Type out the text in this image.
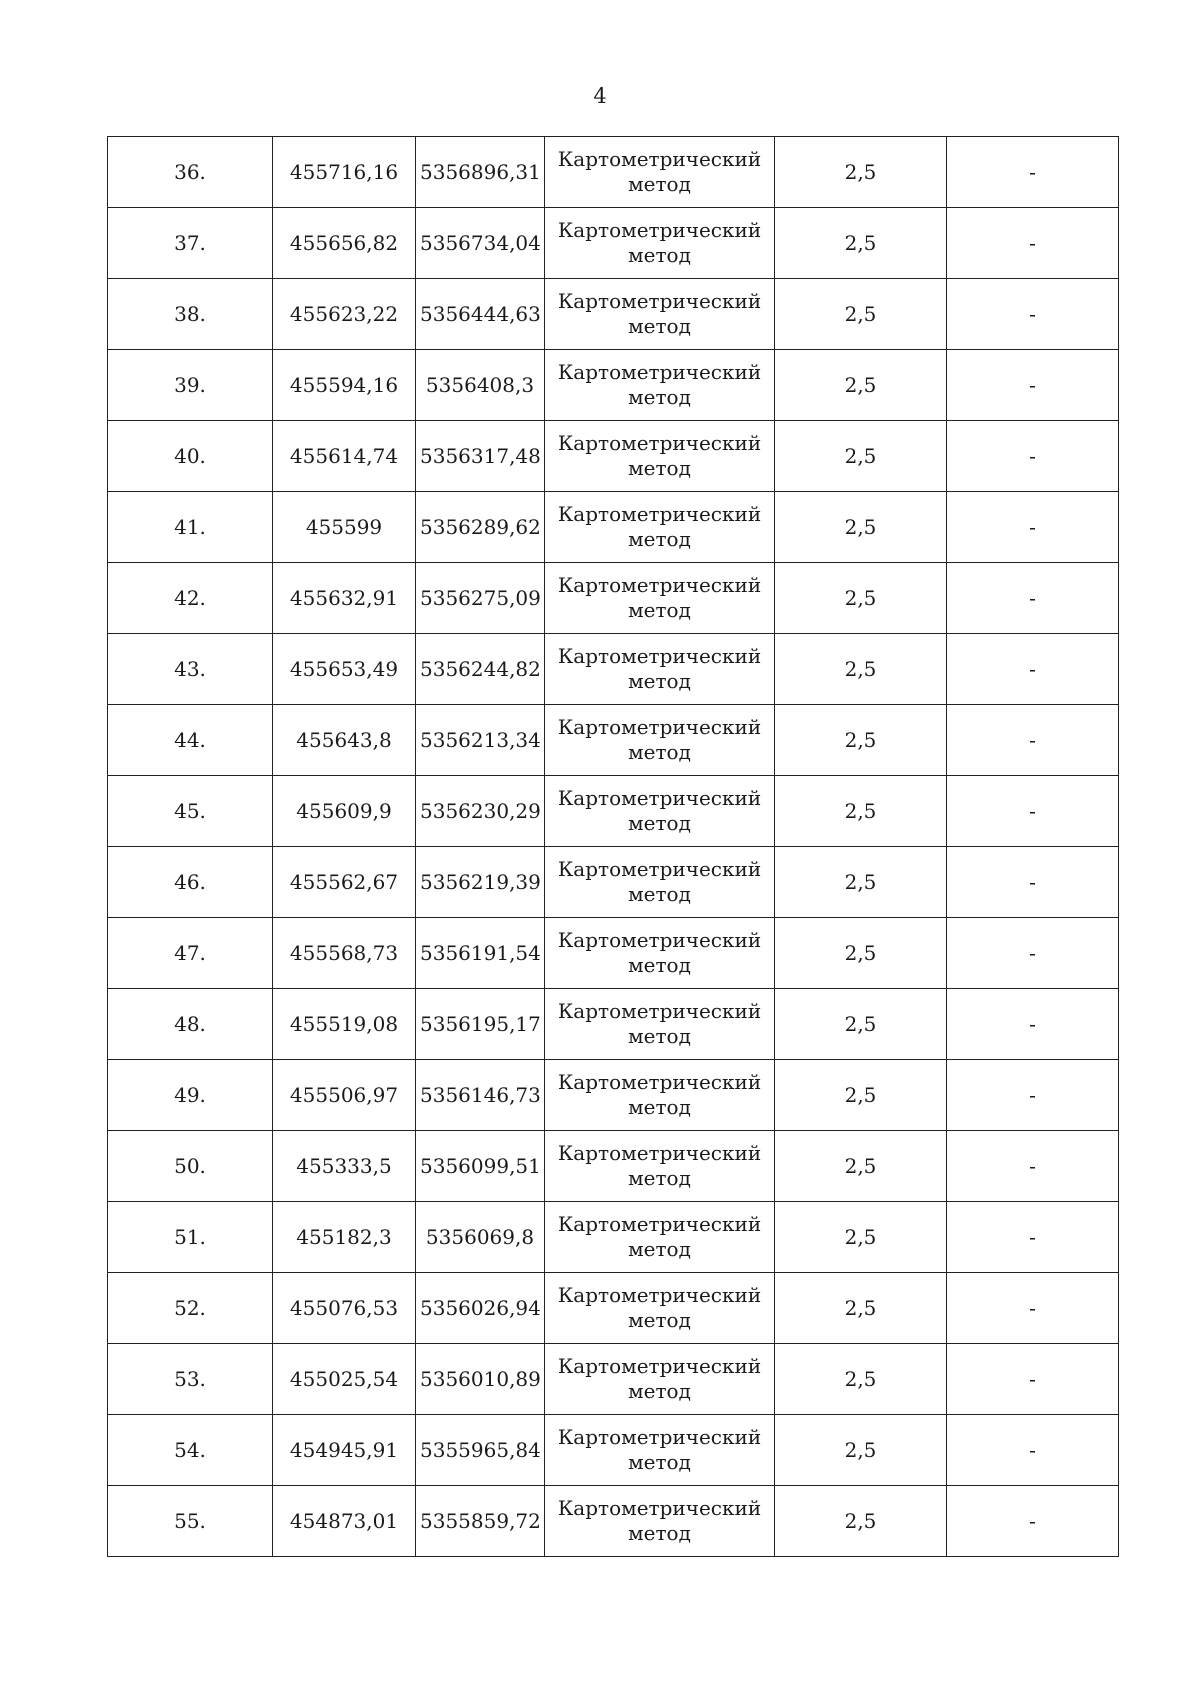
4
36.	455716,16	5356896,31	Картометрический метод	2,5	-
37.	455656,82	5356734,04	Картометрический метод	2,5	-
38.	455623,22	5356444,63	Картометрический метод	2,5	-
39.	455594,16	5356408,3	Картометрический метод	2,5	-
40.	455614,74	5356317,48	Картометрический метод	2,5	-
41.	455599	5356289,62	Картометрический метод	2,5	-
42.	455632,91	5356275,09	Картометрический метод	2,5	-
43.	455653,49	5356244,82	Картометрический метод	2,5	-
44.	455643,8	5356213,34	Картометрический метод	2,5	-
45.	455609,9	5356230,29	Картометрический метод	2,5	-
46.	455562,67	5356219,39	Картометрический метод	2,5	-
47.	455568,73	5356191,54	Картометрический метод	2,5	-
48.	455519,08	5356195,17	Картометрический метод	2,5	-
49.	455506,97	5356146,73	Картометрический метод	2,5	-
50.	455333,5	5356099,51	Картометрический метод	2,5	-
51.	455182,3	5356069,8	Картометрический метод	2,5	-
52.	455076,53	5356026,94	Картометрический метод	2,5	-
53.	455025,54	5356010,89	Картометрический метод	2,5	-
54.	454945,91	5355965,84	Картометрический метод	2,5	-
55.	454873,01	5355859,72	Картометрический метод	2,5	-
